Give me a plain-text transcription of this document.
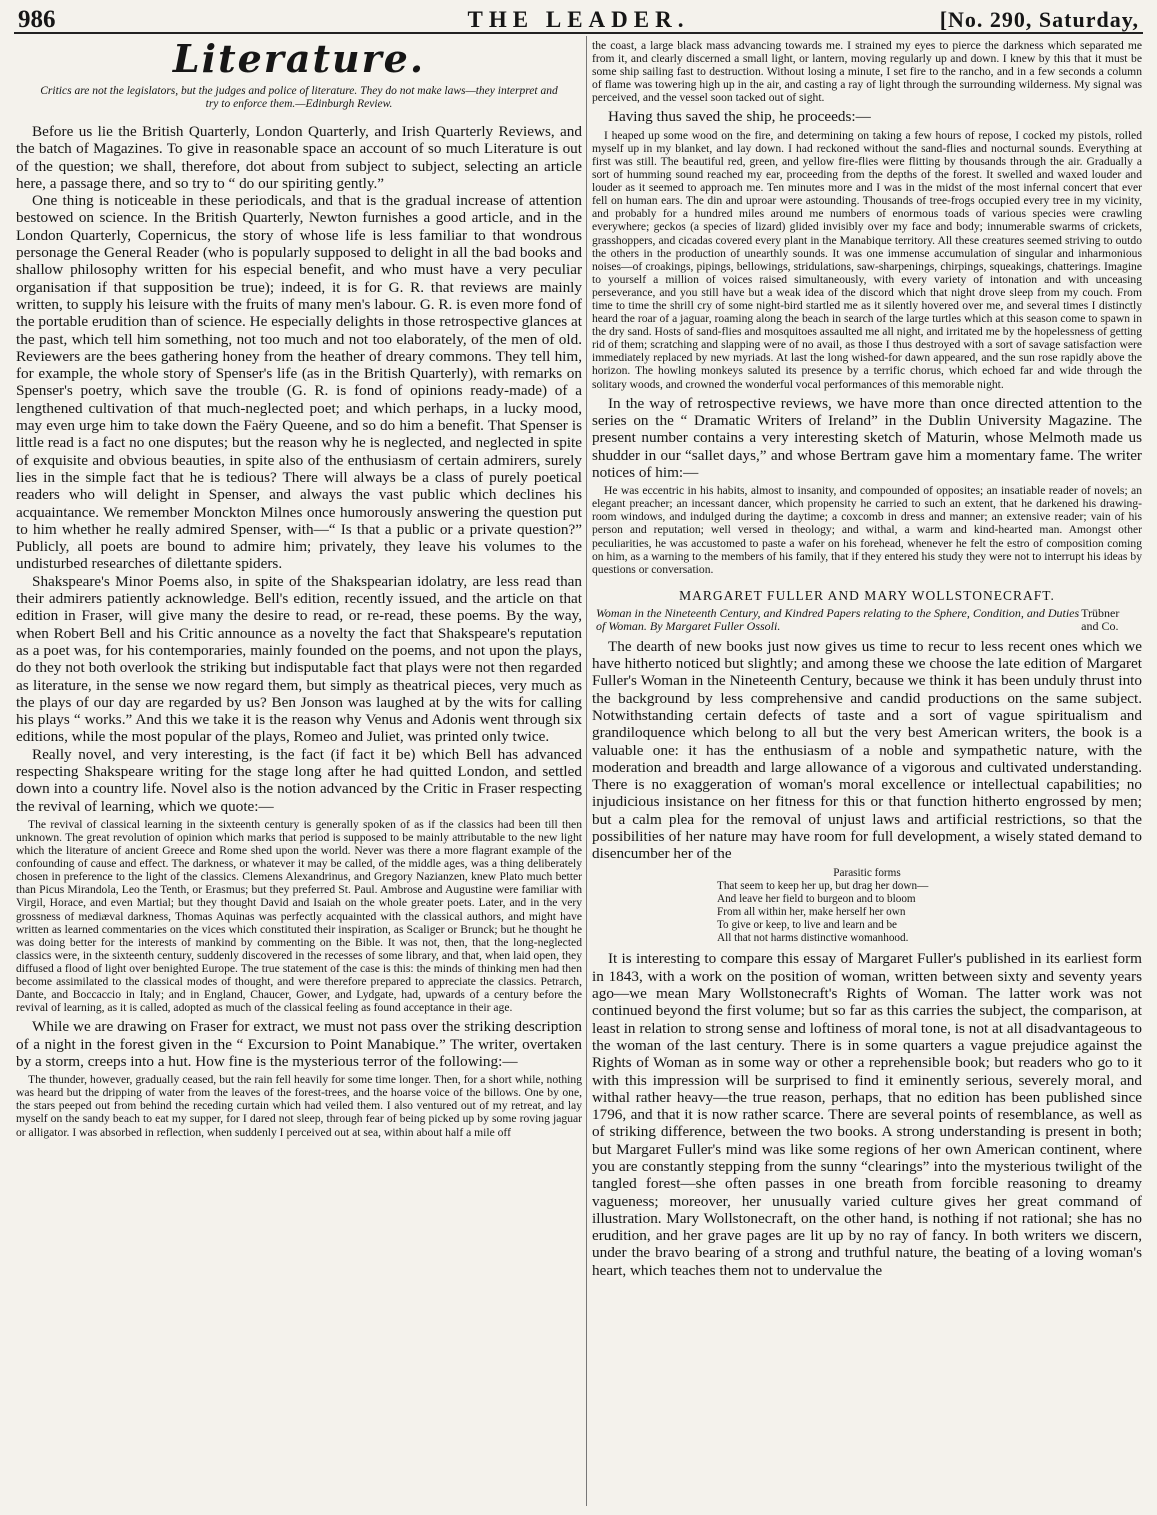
986	THE LEADER.	[No. 290, Saturday,
Literature.

Critics are not the legislators, but the judges and police of literature. They do not make laws—they interpret and try to enforce them.—Edinburgh Review.

Before us lie the British Quarterly, London Quarterly, and Irish Quarterly Reviews, and the batch of Magazines. To give in reasonable space an account of so much Literature is out of the question; we shall, therefore, dot about from subject to subject, selecting an article here, a passage there, and so try to “ do our spiriting gently.”

One thing is noticeable in these periodicals, and that is the gradual increase of attention bestowed on science. In the British Quarterly, Newton furnishes a good article, and in the London Quarterly, Copernicus, the story of whose life is less familiar to that wondrous personage the General Reader (who is popularly supposed to delight in all the bad books and shallow philosophy written for his especial benefit, and who must have a very peculiar organisation if that supposition be true); indeed, it is for G. R. that reviews are mainly written, to supply his leisure with the fruits of many men's labour. G. R. is even more fond of the portable erudition than of science. He especially delights in those retrospective glances at the past, which tell him something, not too much and not too elaborately, of the men of old. Reviewers are the bees gathering honey from the heather of dreary commons. They tell him, for example, the whole story of Spenser's life (as in the British Quarterly), with remarks on Spenser's poetry, which save the trouble (G. R. is fond of opinions ready-made) of a lengthened cultivation of that much-neglected poet; and which perhaps, in a lucky mood, may even urge him to take down the Faëry Queene, and so do him a benefit. That Spenser is little read is a fact no one disputes; but the reason why he is neglected, and neglected in spite of exquisite and obvious beauties, in spite also of the enthusiasm of certain admirers, surely lies in the simple fact that he is tedious? There will always be a class of purely poetical readers who will delight in Spenser, and always the vast public which declines his acquaintance. We remember Monckton Milnes once humorously answering the question put to him whether he really admired Spenser, with—“ Is that a public or a private question?” Publicly, all poets are bound to admire him; privately, they leave his volumes to the undisturbed researches of dilettante spiders.

Shakspeare's Minor Poems also, in spite of the Shakspearian idolatry, are less read than their admirers patiently acknowledge. Bell's edition, recently issued, and the article on that edition in Fraser, will give many the desire to read, or re-read, these poems. By the way, when Robert Bell and his Critic announce as a novelty the fact that Shakspeare's reputation as a poet was, for his contemporaries, mainly founded on the poems, and not upon the plays, do they not both overlook the striking but indisputable fact that plays were not then regarded as literature, in the sense we now regard them, but simply as theatrical pieces, very much as the plays of our day are regarded by us? Ben Jonson was laughed at by the wits for calling his plays “ works.” And this we take it is the reason why Venus and Adonis went through six editions, while the most popular of the plays, Romeo and Juliet, was printed only twice.

Really novel, and very interesting, is the fact (if fact it be) which Bell has advanced respecting Shakspeare writing for the stage long after he had quitted London, and settled down into a country life. Novel also is the notion advanced by the Critic in Fraser respecting the revival of learning, which we quote:—

The revival of classical learning in the sixteenth century is generally spoken of as if the classics had been till then unknown. The great revolution of opinion which marks that period is supposed to be mainly attributable to the new light which the literature of ancient Greece and Rome shed upon the world. Never was there a more flagrant example of the confounding of cause and effect. The darkness, or whatever it may be called, of the middle ages, was a thing deliberately chosen in preference to the light of the classics. Clemens Alexandrinus, and Gregory Nazianzen, knew Plato much better than Picus Mirandola, Leo the Tenth, or Erasmus; but they preferred St. Paul. Ambrose and Augustine were familiar with Virgil, Horace, and even Martial; but they thought David and Isaiah on the whole greater poets. Later, and in the very grossness of mediæval darkness, Thomas Aquinas was perfectly acquainted with the classical authors, and might have written as learned commentaries on the vices which constituted their inspiration, as Scaliger or Brunck; but he thought he was doing better for the interests of mankind by commenting on the Bible. It was not, then, that the long-neglected classics were, in the sixteenth century, suddenly discovered in the recesses of some library, and that, when laid open, they diffused a flood of light over benighted Europe. The true statement of the case is this: the minds of thinking men had then become assimilated to the classical modes of thought, and were therefore prepared to appreciate the classics. Petrarch, Dante, and Boccaccio in Italy; and in England, Chaucer, Gower, and Lydgate, had, upwards of a century before the revival of learning, as it is called, adopted as much of the classical feeling as found acceptance in their age.

While we are drawing on Fraser for extract, we must not pass over the striking description of a night in the forest given in the “ Excursion to Point Manabique.” The writer, overtaken by a storm, creeps into a hut. How fine is the mysterious terror of the following:—

The thunder, however, gradually ceased, but the rain fell heavily for some time longer. Then, for a short while, nothing was heard but the dripping of water from the leaves of the forest-trees, and the hoarse voice of the billows. One by one, the stars peeped out from behind the receding curtain which had veiled them. I also ventured out of my retreat, and lay myself on the sandy beach to eat my supper, for I dared not sleep, through fear of being picked up by some roving jaguar or alligator. I was absorbed in reflection, when suddenly I perceived out at sea, within about half a mile off

the coast, a large black mass advancing towards me. I strained my eyes to pierce the darkness which separated me from it, and clearly discerned a small light, or lantern, moving regularly up and down. I knew by this that it must be some ship sailing fast to destruction. Without losing a minute, I set fire to the rancho, and in a few seconds a column of flame was towering high up in the air, and casting a ray of light through the surrounding wilderness. My signal was perceived, and the vessel soon tacked out of sight.

Having thus saved the ship, he proceeds:—

I heaped up some wood on the fire, and determining on taking a few hours of repose, I cocked my pistols, rolled myself up in my blanket, and lay down. I had reckoned without the sand-flies and nocturnal sounds. Everything at first was still. The beautiful red, green, and yellow fire-flies were flitting by thousands through the air. Gradually a sort of humming sound reached my ear, proceeding from the depths of the forest. It swelled and waxed louder and louder as it seemed to approach me. Ten minutes more and I was in the midst of the most infernal concert that ever fell on human ears. The din and uproar were astounding. Thousands of tree-frogs occupied every tree in my vicinity, and probably for a hundred miles around me numbers of enormous toads of various species were crawling everywhere; geckos (a species of lizard) glided invisibly over my face and body; innumerable swarms of crickets, grasshoppers, and cicadas covered every plant in the Manabique territory. All these creatures seemed striving to outdo the others in the production of unearthly sounds. It was one immense accumulation of singular and inharmonious noises—of croakings, pipings, bellowings, stridulations, saw-sharpenings, chirpings, squeakings, chatterings. Imagine to yourself a million of voices raised simultaneously, with every variety of intonation and with unceasing perseverance, and you still have but a weak idea of the discord which that night drove sleep from my couch. From time to time the shrill cry of some night-bird startled me as it silently hovered over me, and several times I distinctly heard the roar of a jaguar, roaming along the beach in search of the large turtles which at this season come to spawn in the dry sand. Hosts of sand-flies and mosquitoes assaulted me all night, and irritated me by the hopelessness of getting rid of them; scratching and slapping were of no avail, as those I thus destroyed with a sort of savage satisfaction were immediately replaced by new myriads. At last the long wished-for dawn appeared, and the sun rose rapidly above the horizon. The howling monkeys saluted its presence by a terrific chorus, which echoed far and wide through the solitary woods, and crowned the wonderful vocal performances of this memorable night.

In the way of retrospective reviews, we have more than once directed attention to the series on the “ Dramatic Writers of Ireland” in the Dublin University Magazine. The present number contains a very interesting sketch of Maturin, whose Melmoth made us shudder in our “sallet days,” and whose Bertram gave him a momentary fame. The writer notices of him:—

He was eccentric in his habits, almost to insanity, and compounded of opposites; an insatiable reader of novels; an elegant preacher; an incessant dancer, which propensity he carried to such an extent, that he darkened his drawing-room windows, and indulged during the daytime; a coxcomb in dress and manner; an extensive reader; vain of his person and reputation; well versed in theology; and withal, a warm and kind-hearted man. Amongst other peculiarities, he was accustomed to paste a wafer on his forehead, whenever he felt the estro of composition coming on him, as a warning to the members of his family, that if they entered his study they were not to interrupt his ideas by questions or conversation.

MARGARET FULLER AND MARY WOLLSTONECRAFT.
Woman in the Nineteenth Century, and Kindred Papers relating to the Sphere, Condition, and Duties of Woman. By Margaret Fuller Ossoli.
Trübner and Co.

The dearth of new books just now gives us time to recur to less recent ones which we have hitherto noticed but slightly; and among these we choose the late edition of Margaret Fuller's Woman in the Nineteenth Century, because we think it has been unduly thrust into the background by less comprehensive and candid productions on the same subject. Notwithstanding certain defects of taste and a sort of vague spiritualism and grandiloquence which belong to all but the very best American writers, the book is a valuable one: it has the enthusiasm of a noble and sympathetic nature, with the moderation and breadth and large allowance of a vigorous and cultivated understanding. There is no exaggeration of woman's moral excellence or intellectual capabilities; no injudicious insistance on her fitness for this or that function hitherto engrossed by men; but a calm plea for the removal of unjust laws and artificial restrictions, so that the possibilities of her nature may have room for full development, a wisely stated demand to disencumber her of the

Parasitic forms
That seem to keep her up, but drag her down—
And leave her field to burgeon and to bloom
From all within her, make herself her own
To give or keep, to live and learn and be
All that not harms distinctive womanhood.

It is interesting to compare this essay of Margaret Fuller's published in its earliest form in 1843, with a work on the position of woman, written between sixty and seventy years ago—we mean Mary Wollstonecraft's Rights of Woman. The latter work was not continued beyond the first volume; but so far as this carries the subject, the comparison, at least in relation to strong sense and loftiness of moral tone, is not at all disadvantageous to the woman of the last century. There is in some quarters a vague prejudice against the Rights of Woman as in some way or other a reprehensible book; but readers who go to it with this impression will be surprised to find it eminently serious, severely moral, and withal rather heavy—the true reason, perhaps, that no edition has been published since 1796, and that it is now rather scarce. There are several points of resemblance, as well as of striking difference, between the two books. A strong understanding is present in both; but Margaret Fuller's mind was like some regions of her own American continent, where you are constantly stepping from the sunny “clearings” into the mysterious twilight of the tangled forest—she often passes in one breath from forcible reasoning to dreamy vagueness; moreover, her unusually varied culture gives her great command of illustration. Mary Wollstonecraft, on the other hand, is nothing if not rational; she has no erudition, and her grave pages are lit up by no ray of fancy. In both writers we discern, under the bravo bearing of a strong and truthful nature, the beating of a loving woman's heart, which teaches them not to undervalue the
